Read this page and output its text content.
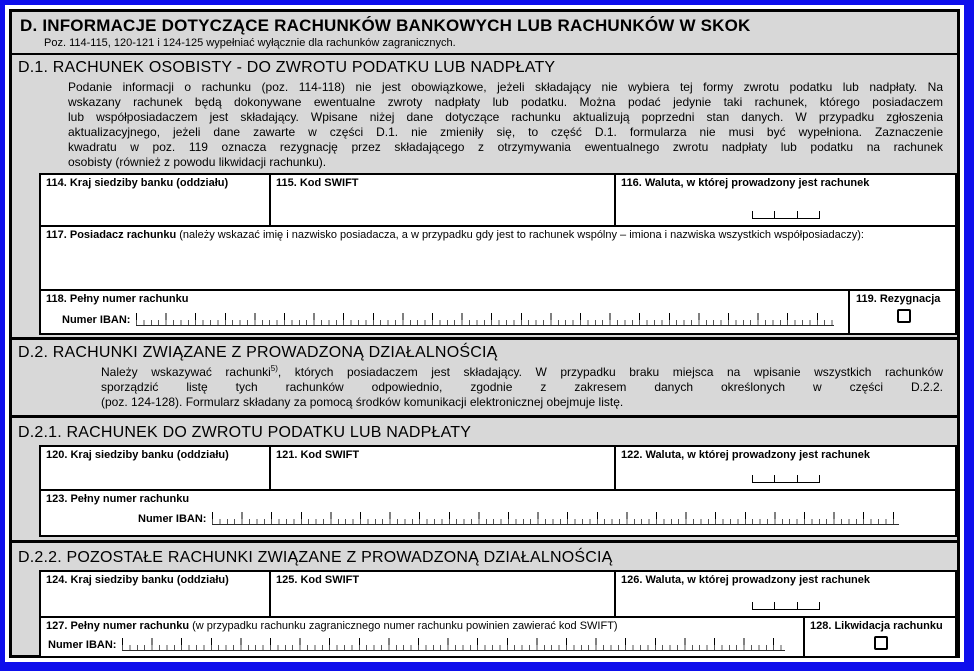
D. INFORMACJE DOTYCZĄCE RACHUNKÓW BANKOWYCH LUB RACHUNKÓW W SKOK
Poz. 114-115, 120-121 i 124-125 wypełniać wyłącznie dla rachunków zagranicznych.
D.1. RACHUNEK OSOBISTY - DO ZWROTU PODATKU LUB NADPŁATY
Podanie informacji o rachunku (poz. 114-118) nie jest obowiązkowe, jeżeli składający nie wybiera tej formy zwrotu podatku lub nadpłaty. Na
wskazany rachunek będą dokonywane ewentualne zwroty nadpłaty lub podatku. Można podać jedynie taki rachunek, którego posiadaczem
lub współposiadaczem jest składający. Wpisane niżej dane dotyczące rachunku aktualizują poprzedni stan danych. W przypadku zgłoszenia
aktualizacyjnego, jeżeli dane zawarte w części D.1. nie zmieniły się, to część D.1. formularza nie musi być wypełniona. Zaznaczenie
kwadratu w poz. 119 oznacza rezygnację przez składającego z otrzymywania ewentualnego zwrotu nadpłaty lub podatku na rachunek
osobisty (również z powodu likwidacji rachunku).
114. Kraj siedziby banku (oddziału)	115. Kod SWIFT	116. Waluta, w której prowadzony jest rachunek
117. Posiadacz rachunku (należy wskazać imię i nazwisko posiadacza, a w przypadku gdy jest to rachunek wspólny – imiona i nazwiska wszystkich współposiadaczy):
118. Pełny numer rachunku
Numer IBAN:
119. Rezygnacja
D.2. RACHUNKI ZWIĄZANE Z PROWADZONĄ DZIAŁALNOŚCIĄ
Należy wskazywać rachunki$^{5)}$, których posiadaczem jest składający. W przypadku braku miejsca na wpisanie wszystkich rachunków
sporządzić listę tych rachunków odpowiednio, zgodnie z zakresem danych określonych w części D.2.2.
(poz. 124-128). Formularz składany za pomocą środków komunikacji elektronicznej obejmuje listę.
D.2.1. RACHUNEK DO ZWROTU PODATKU LUB NADPŁATY
120. Kraj siedziby banku (oddziału)	121. Kod SWIFT	122. Waluta, w której prowadzony jest rachunek
123. Pełny numer rachunku
Numer IBAN:
D.2.2. POZOSTAŁE RACHUNKI ZWIĄZANE Z PROWADZONĄ DZIAŁALNOŚCIĄ
124. Kraj siedziby banku (oddziału)	125. Kod SWIFT	126. Waluta, w której prowadzony jest rachunek
127. Pełny numer rachunku (w przypadku rachunku zagranicznego numer rachunku powinien zawierać kod SWIFT)
Numer IBAN:
128. Likwidacja rachunku
